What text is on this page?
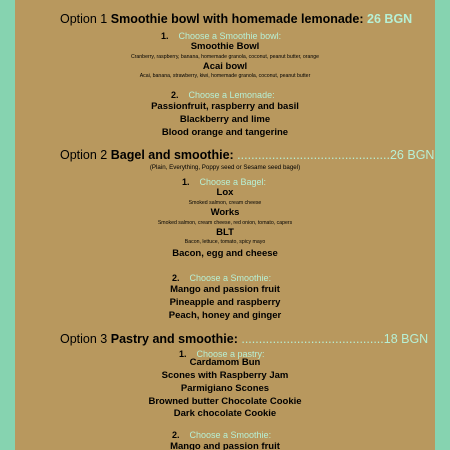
Option 1 Smoothie bowl with homemade lemonade: 26 BGN
1. Choose a Smoothie bowl:
Smoothie Bowl
Cranberry, raspberry, banana, homemade granola, coconut, peanut butter, orange
Acai bowl
Acai, banana, strawberry, kiwi, homemade granola, coconut, peanut butter
2. Choose a Lemonade:
Passionfruit, raspberry and basil
Blackberry and lime
Blood orange and tangerine
Option 2 Bagel and smoothie: ............................................26 BGN
(Plain, Everything, Poppy seed or Sesame seed bagel)
1. Choose a Bagel:
Lox
Smoked salmon, cream cheese
Works
Smoked salmon, cream cheese, red onion, tomato, capers
BLT
Bacon, lettuce, tomato, spicy mayo
Bacon, egg and cheese
2. Choose a Smoothie:
Mango and passion fruit
Pineapple and raspberry
Peach, honey and ginger
Option 3 Pastry and smoothie: .........................................18 BGN
1. Choose a pastry:
Cardamom Bun
Scones with Raspberry Jam
Parmigiano Scones
Browned butter Chocolate Cookie
Dark chocolate Cookie
2. Choose a Smoothie:
Mango and passion fruit
